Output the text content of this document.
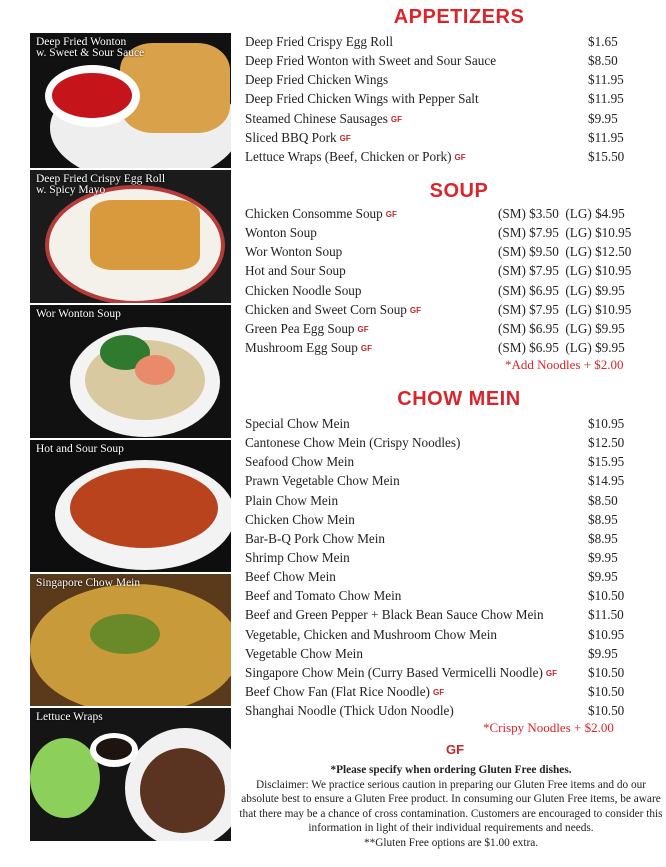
Deep Fried Wonton
w. Sweet & Sour Sauce
Deep Fried Crispy Egg Roll
w. Spicy Mayo
Wor Wonton Soup
Hot and Sour Soup
Singapore Chow Mein
Lettuce Wraps
APPETIZERS
Deep Fried Crispy Egg Roll	$1.65
Deep Fried Wonton with Sweet and Sour Sauce	$8.50
Deep Fried Chicken Wings	$11.95
Deep Fried Chicken Wings with Pepper Salt	$11.95
Steamed Chinese Sausages GF	$9.95
Sliced BBQ Pork GF	$11.95
Lettuce Wraps (Beef, Chicken or Pork) GF	$15.50
SOUP
Chicken Consomme Soup GF	(SM) $3.50  (LG) $4.95
Wonton Soup	(SM) $7.95  (LG) $10.95
Wor Wonton Soup	(SM) $9.50  (LG) $12.50
Hot and Sour Soup	(SM) $7.95  (LG) $10.95
Chicken Noodle Soup	(SM) $6.95  (LG) $9.95
Chicken and Sweet Corn Soup GF	(SM) $7.95  (LG) $10.95
Green Pea Egg Soup GF	(SM) $6.95  (LG) $9.95
Mushroom Egg Soup GF	(SM) $6.95  (LG) $9.95
*Add Noodles + $2.00
CHOW MEIN
Special Chow Mein	$10.95
Cantonese Chow Mein (Crispy Noodles)	$12.50
Seafood Chow Mein	$15.95
Prawn Vegetable Chow Mein	$14.95
Plain Chow Mein	$8.50
Chicken Chow Mein	$8.95
Bar-B-Q Pork Chow Mein	$8.95
Shrimp Chow Mein	$9.95
Beef Chow Mein	$9.95
Beef and Tomato Chow Mein	$10.50
Beef and Green Pepper + Black Bean Sauce Chow Mein	$11.50
Vegetable, Chicken and Mushroom Chow Mein	$10.95
Vegetable Chow Mein	$9.95
Singapore Chow Mein (Curry Based Vermicelli Noodle) GF $10.50
Beef Chow Fan (Flat Rice Noodle) GF	$10.50
Shanghai Noodle (Thick Udon Noodle)	$10.50
*Crispy Noodles + $2.00
GF
*Please specify when ordering Gluten Free dishes.
Disclaimer: We practice serious caution in preparing our Gluten Free items and do our absolute best to ensure a Gluten Free product. In consuming our Gluten Free items, be aware that there may be a chance of cross contamination. Customers are encouraged to consider this information in light of their individual requirements and needs.
**Gluten Free options are $1.00 extra.
